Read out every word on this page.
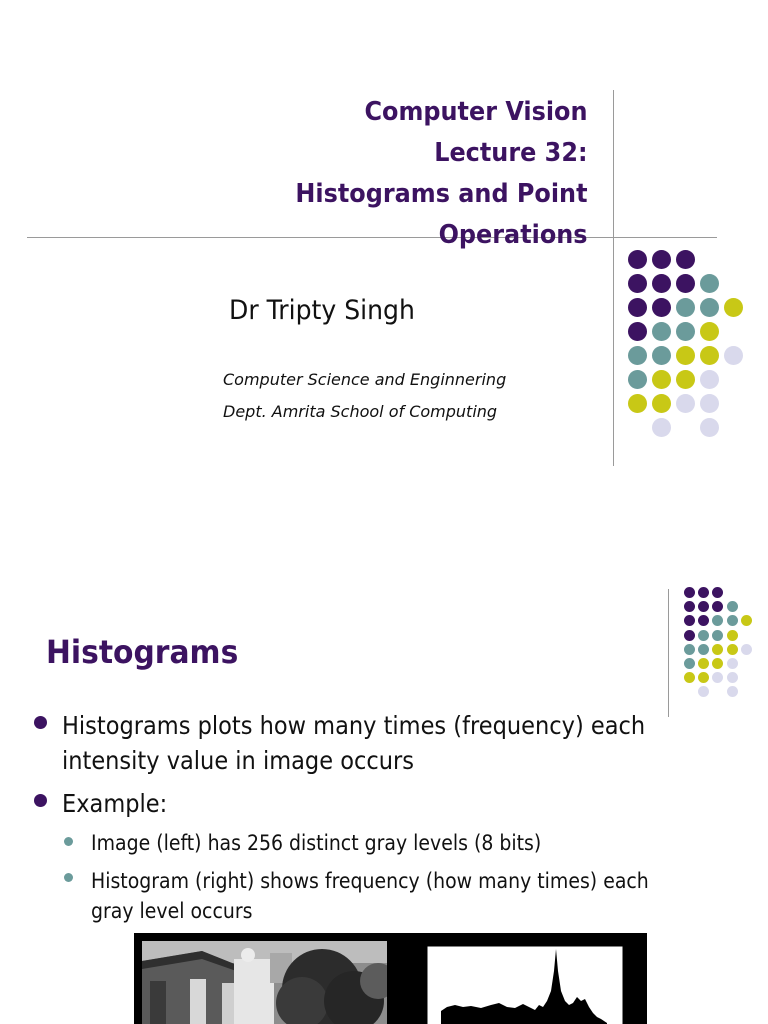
Computer Vision
Lecture 32:
Histograms and Point
Operations
Dr Tripty Singh
Computer Science and Enginnering
Dept. Amrita School of Computing
Histograms
Histograms plots how many times (frequency) each
intensity value in image occurs
Example:
Image (left) has 256 distinct gray levels (8 bits)
Histogram (right) shows frequency (how many times) each
gray level occurs
